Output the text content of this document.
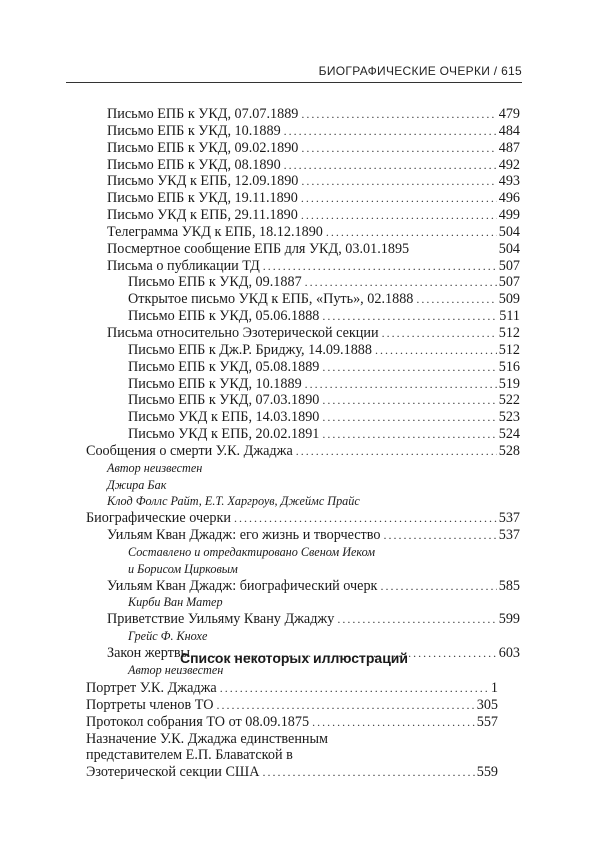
БИОГРАФИЧЕСКИЕ ОЧЕРКИ / 615
Письмо ЕПБ к УКД, 07.07.1889 . . .	479
Письмо ЕПБ к УКД, 10.1889 . . .	484
Письмо ЕПБ к УКД, 09.02.1890 . . .	487
Письмо ЕПБ к УКД, 08.1890 . . .	492
Письмо УКД к ЕПБ, 12.09.1890 . . .	493
Письмо ЕПБ к УКД, 19.11.1890 . . .	496
Письмо УКД к ЕПБ, 29.11.1890 . . .	499
Телеграмма УКД к ЕПБ, 18.12.1890 . . .	504
Посмертное сообщение ЕПБ для УКД, 03.01.1895	504
Письма о публикации ТД . . .	507
Письмо ЕПБ к УКД, 09.1887 . . .	507
Открытое письмо УКД к ЕПБ, «Путь», 02.1888 . . .	509
Письмо ЕПБ к УКД, 05.06.1888 . . .	511
Письма относительно Эзотерической секции . . .	512
Письмо ЕПБ к Дж.Р. Бриджу, 14.09.1888 . . .	512
Письмо ЕПБ к УКД, 05.08.1889 . . .	516
Письмо ЕПБ к УКД, 10.1889 . . .	519
Письмо ЕПБ к УКД, 07.03.1890 . . .	522
Письмо УКД к ЕПБ, 14.03.1890 . . .	523
Письмо УКД к ЕПБ, 20.02.1891 . . .	524
Сообщения о смерти У.К. Джаджа . . .	528
Автор неизвестен
Джира Бак
Клод Фоллс Райт, Е.Т. Харгроув, Джеймс Прайс
Биографические очерки . . .	537
Уильям Кван Джадж: его жизнь и творчество . . .	537
Составлено и отредактировано Свеном Иеком
и Борисом Цирковым
Уильям Кван Джадж: биографический очерк . . .	585
Кирби Ван Матер
Приветствие Уильяму Квану Джаджу . . .	599
Грейс Ф. Кнохе
Закон жертвы . . .	603
Автор неизвестен
Список некоторых иллюстраций
Портрет У.К. Джаджа . . .	1
Портреты членов ТО . . .	305
Протокол собрания ТО от 08.09.1875 . . .	557
Назначение У.К. Джаджа единственным
представителем Е.П. Блаватской в
Эзотерической секции США . . .	559
